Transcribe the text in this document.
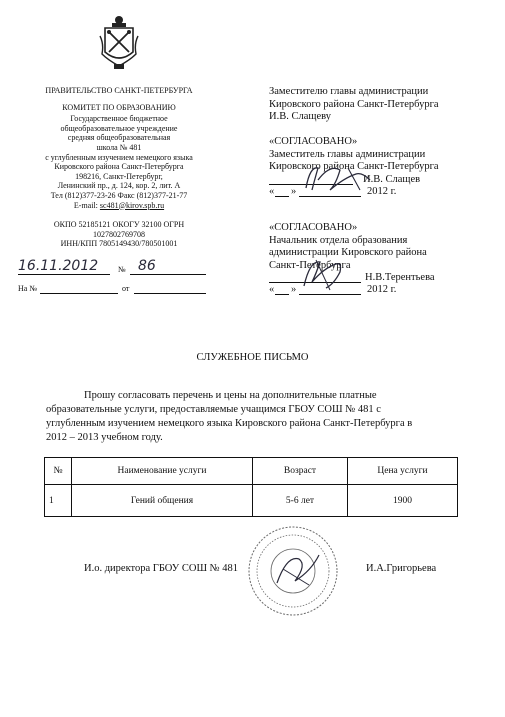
ПРАВИТЕЛЬСТВО САНКТ-ПЕТЕРБУРГА
КОМИТЕТ ПО ОБРАЗОВАНИЮ
Государственное бюджетное
общеобразовательное учреждение
средняя общеобразовательная
школа № 481
с углубленным изучением немецкого языка
Кировского района Санкт-Петербурга
198216, Санкт-Петербург,
Ленинский пр., д. 124, кор. 2, лит. А
Тел (812)377-23-26 Факс (812)377-21-77
E-mail: sc481@kirov.spb.ru
ОКПО 52185121 ОКОГУ 32100 ОГРН
1027802769708
ИНН/КПП 7805149430/780501001
16.11.2012	№ 86
На №	от
Заместителю главы администрации
Кировского района Санкт-Петербурга
И.В. Слащеву
«СОГЛАСОВАНО»
Заместитель главы администрации
Кировского района Санкт-Петербурга
И.В. Слащев
« »	2012 г.
«СОГЛАСОВАНО»
Начальник отдела образования
администрации Кировского района
Санкт-Петербурга
Н.В.Терентьева
« »	2012 г.
СЛУЖЕБНОЕ ПИСЬМО
Прошу согласовать перечень и цены на дополнительные платные
образовательные услуги, предоставляемые учащимся ГБОУ СОШ № 481 с
углубленным изучением немецкого языка Кировского района Санкт-Петербурга в
2012 – 2013 учебном году.
№	Наименование услуги	Возраст	Цена услуги
1	Гений общения	5-6 лет	1900
И.о. директора ГБОУ СОШ № 481	И.А.Григорьева
